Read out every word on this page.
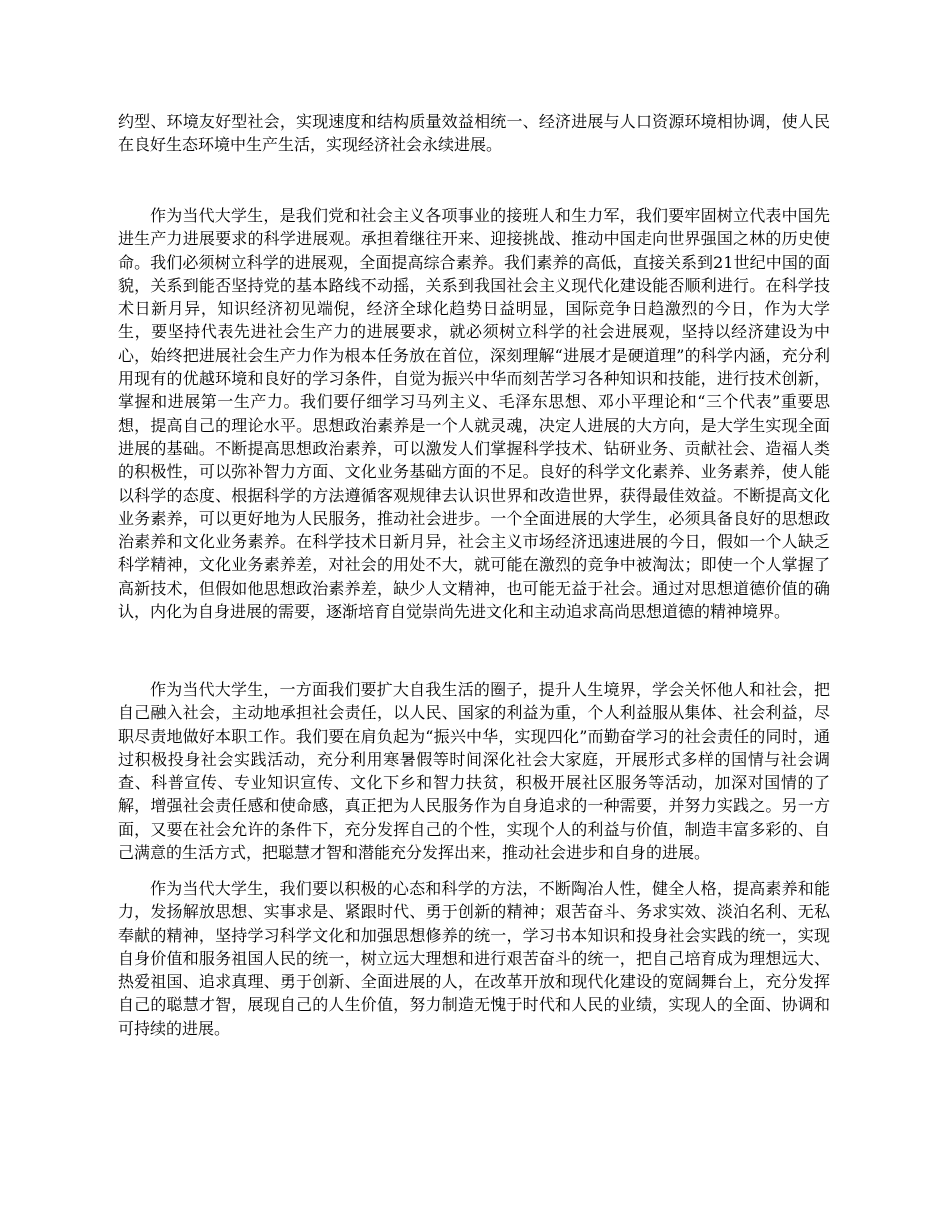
约型、环境友好型社会，实现速度和结构质量效益相统一、经济进展与人口资源环境相协调，使人民在良好生态环境中生产生活，实现经济社会永续进展。

作为当代大学生，是我们党和社会主义各项事业的接班人和生力军，我们要牢固树立代表中国先进生产力进展要求的科学进展观。承担着继往开来、迎接挑战、推动中国走向世界强国之林的历史使命。我们必须树立科学的进展观，全面提高综合素养。我们素养的高低，直接关系到21世纪中国的面貌，关系到能否坚持党的基本路线不动摇，关系到我国社会主义现代化建设能否顺利进行。在科学技术日新月异，知识经济初见端倪，经济全球化趋势日益明显，国际竞争日趋激烈的今日，作为大学生，要坚持代表先进社会生产力的进展要求，就必须树立科学的社会进展观，坚持以经济建设为中心，始终把进展社会生产力作为根本任务放在首位，深刻理解“进展才是硬道理”的科学内涵，充分利用现有的优越环境和良好的学习条件，自觉为振兴中华而刻苦学习各种知识和技能，进行技术创新，掌握和进展第一生产力。我们要仔细学习马列主义、毛泽东思想、邓小平理论和“三个代表”重要思想，提高自己的理论水平。思想政治素养是一个人就灵魂，决定人进展的大方向，是大学生实现全面进展的基础。不断提高思想政治素养，可以激发人们掌握科学技术、钻研业务、贡献社会、造福人类的积极性，可以弥补智力方面、文化业务基础方面的不足。良好的科学文化素养、业务素养，使人能以科学的态度、根据科学的方法遵循客观规律去认识世界和改造世界，获得最佳效益。不断提高文化业务素养，可以更好地为人民服务，推动社会进步。一个全面进展的大学生，必须具备良好的思想政治素养和文化业务素养。在科学技术日新月异，社会主义市场经济迅速进展的今日，假如一个人缺乏科学精神，文化业务素养差，对社会的用处不大，就可能在激烈的竞争中被淘汰；即使一个人掌握了高新技术，但假如他思想政治素养差，缺少人文精神，也可能无益于社会。通过对思想道德价值的确认，内化为自身进展的需要，逐渐培育自觉崇尚先进文化和主动追求高尚思想道德的精神境界。

作为当代大学生，一方面我们要扩大自我生活的圈子，提升人生境界，学会关怀他人和社会，把自己融入社会，主动地承担社会责任，以人民、国家的利益为重，个人利益服从集体、社会利益，尽职尽责地做好本职工作。我们要在肩负起为“振兴中华，实现四化”而勤奋学习的社会责任的同时，通过积极投身社会实践活动，充分利用寒暑假等时间深化社会大家庭，开展形式多样的国情与社会调查、科普宣传、专业知识宣传、文化下乡和智力扶贫，积极开展社区服务等活动，加深对国情的了解，增强社会责任感和使命感，真正把为人民服务作为自身追求的一种需要，并努力实践之。另一方面，又要在社会允许的条件下，充分发挥自己的个性，实现个人的利益与价值，制造丰富多彩的、自己满意的生活方式，把聪慧才智和潜能充分发挥出来，推动社会进步和自身的进展。

作为当代大学生，我们要以积极的心态和科学的方法，不断陶冶人性，健全人格，提高素养和能力，发扬解放思想、实事求是、紧跟时代、勇于创新的精神；艰苦奋斗、务求实效、淡泊名利、无私奉献的精神，坚持学习科学文化和加强思想修养的统一，学习书本知识和投身社会实践的统一，实现自身价值和服务祖国人民的统一，树立远大理想和进行艰苦奋斗的统一，把自己培育成为理想远大、热爱祖国、追求真理、勇于创新、全面进展的人，在改革开放和现代化建设的宽阔舞台上，充分发挥自己的聪慧才智，展现自己的人生价值，努力制造无愧于时代和人民的业绩，实现人的全面、协调和可持续的进展。
